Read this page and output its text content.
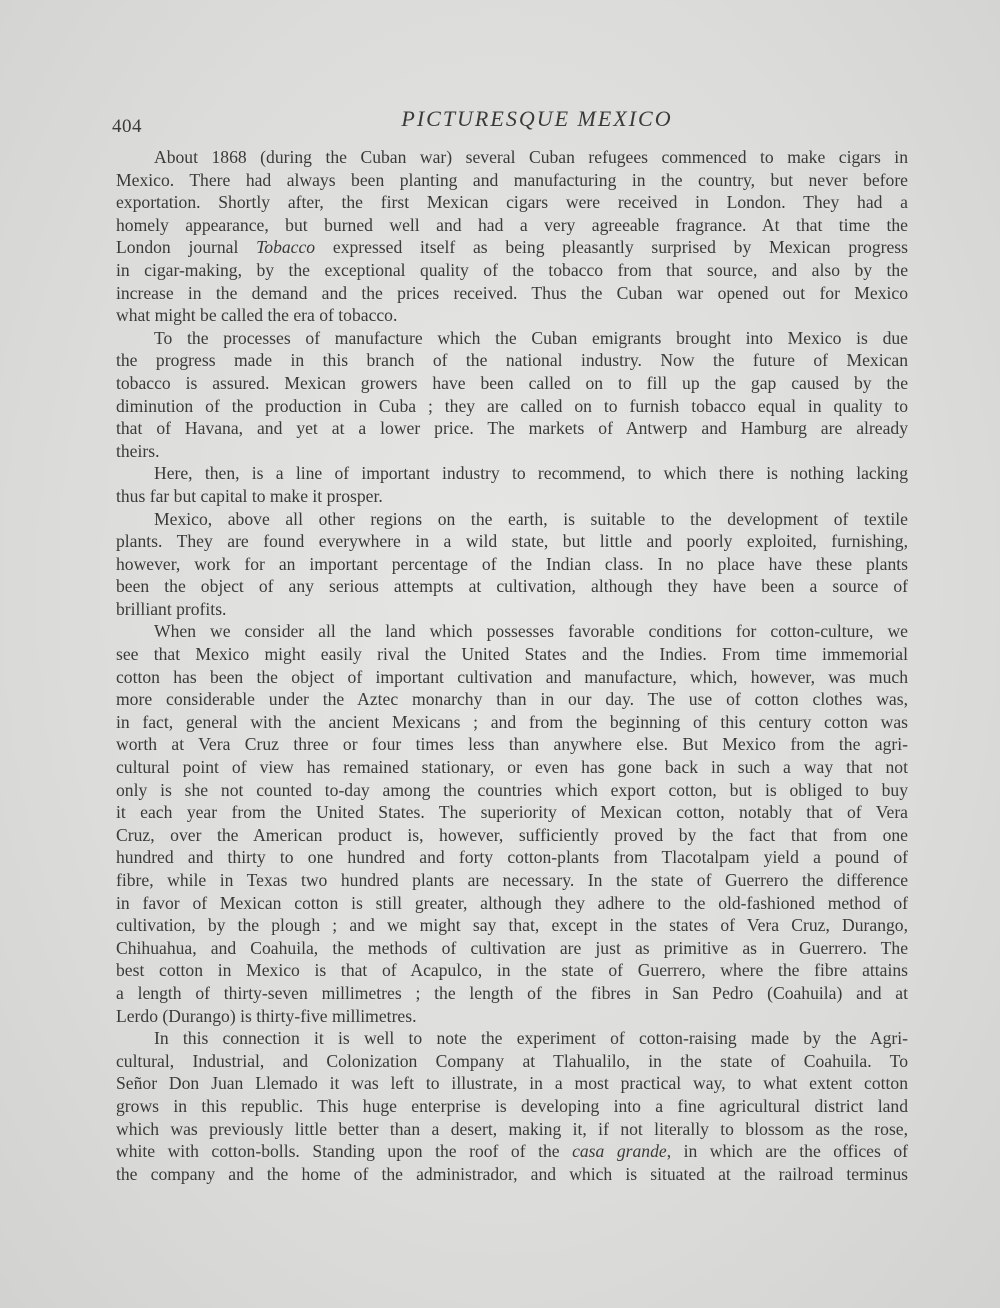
404	PICTURESQUE MEXICO
About 1868 (during the Cuban war) several Cuban refugees commenced to make cigars in
Mexico. There had always been planting and manufacturing in the country, but never before
exportation. Shortly after, the first Mexican cigars were received in London. They had a
homely appearance, but burned well and had a very agreeable fragrance. At that time the
London journal Tobacco expressed itself as being pleasantly surprised by Mexican progress
in cigar-making, by the exceptional quality of the tobacco from that source, and also by the
increase in the demand and the prices received. Thus the Cuban war opened out for Mexico
what might be called the era of tobacco.
To the processes of manufacture which the Cuban emigrants brought into Mexico is due
the progress made in this branch of the national industry. Now the future of Mexican
tobacco is assured. Mexican growers have been called on to fill up the gap caused by the
diminution of the production in Cuba ; they are called on to furnish tobacco equal in quality to
that of Havana, and yet at a lower price. The markets of Antwerp and Hamburg are already
theirs.
Here, then, is a line of important industry to recommend, to which there is nothing lacking
thus far but capital to make it prosper.
Mexico, above all other regions on the earth, is suitable to the development of textile
plants. They are found everywhere in a wild state, but little and poorly exploited, furnishing,
however, work for an important percentage of the Indian class. In no place have these plants
been the object of any serious attempts at cultivation, although they have been a source of
brilliant profits.
When we consider all the land which possesses favorable conditions for cotton-culture, we
see that Mexico might easily rival the United States and the Indies. From time immemorial
cotton has been the object of important cultivation and manufacture, which, however, was much
more considerable under the Aztec monarchy than in our day. The use of cotton clothes was,
in fact, general with the ancient Mexicans ; and from the beginning of this century cotton was
worth at Vera Cruz three or four times less than anywhere else. But Mexico from the agri-
cultural point of view has remained stationary, or even has gone back in such a way that not
only is she not counted to-day among the countries which export cotton, but is obliged to buy
it each year from the United States. The superiority of Mexican cotton, notably that of Vera
Cruz, over the American product is, however, sufficiently proved by the fact that from one
hundred and thirty to one hundred and forty cotton-plants from Tlacotalpam yield a pound of
fibre, while in Texas two hundred plants are necessary. In the state of Guerrero the difference
in favor of Mexican cotton is still greater, although they adhere to the old-fashioned method of
cultivation, by the plough ; and we might say that, except in the states of Vera Cruz, Durango,
Chihuahua, and Coahuila, the methods of cultivation are just as primitive as in Guerrero. The
best cotton in Mexico is that of Acapulco, in the state of Guerrero, where the fibre attains
a length of thirty-seven millimetres ; the length of the fibres in San Pedro (Coahuila) and at
Lerdo (Durango) is thirty-five millimetres.
In this connection it is well to note the experiment of cotton-raising made by the Agri-
cultural, Industrial, and Colonization Company at Tlahualilo, in the state of Coahuila. To
Señor Don Juan Llemado it was left to illustrate, in a most practical way, to what extent cotton
grows in this republic. This huge enterprise is developing into a fine agricultural district land
which was previously little better than a desert, making it, if not literally to blossom as the rose,
white with cotton-bolls. Standing upon the roof of the casa grande, in which are the offices of
the company and the home of the administrador, and which is situated at the railroad terminus
